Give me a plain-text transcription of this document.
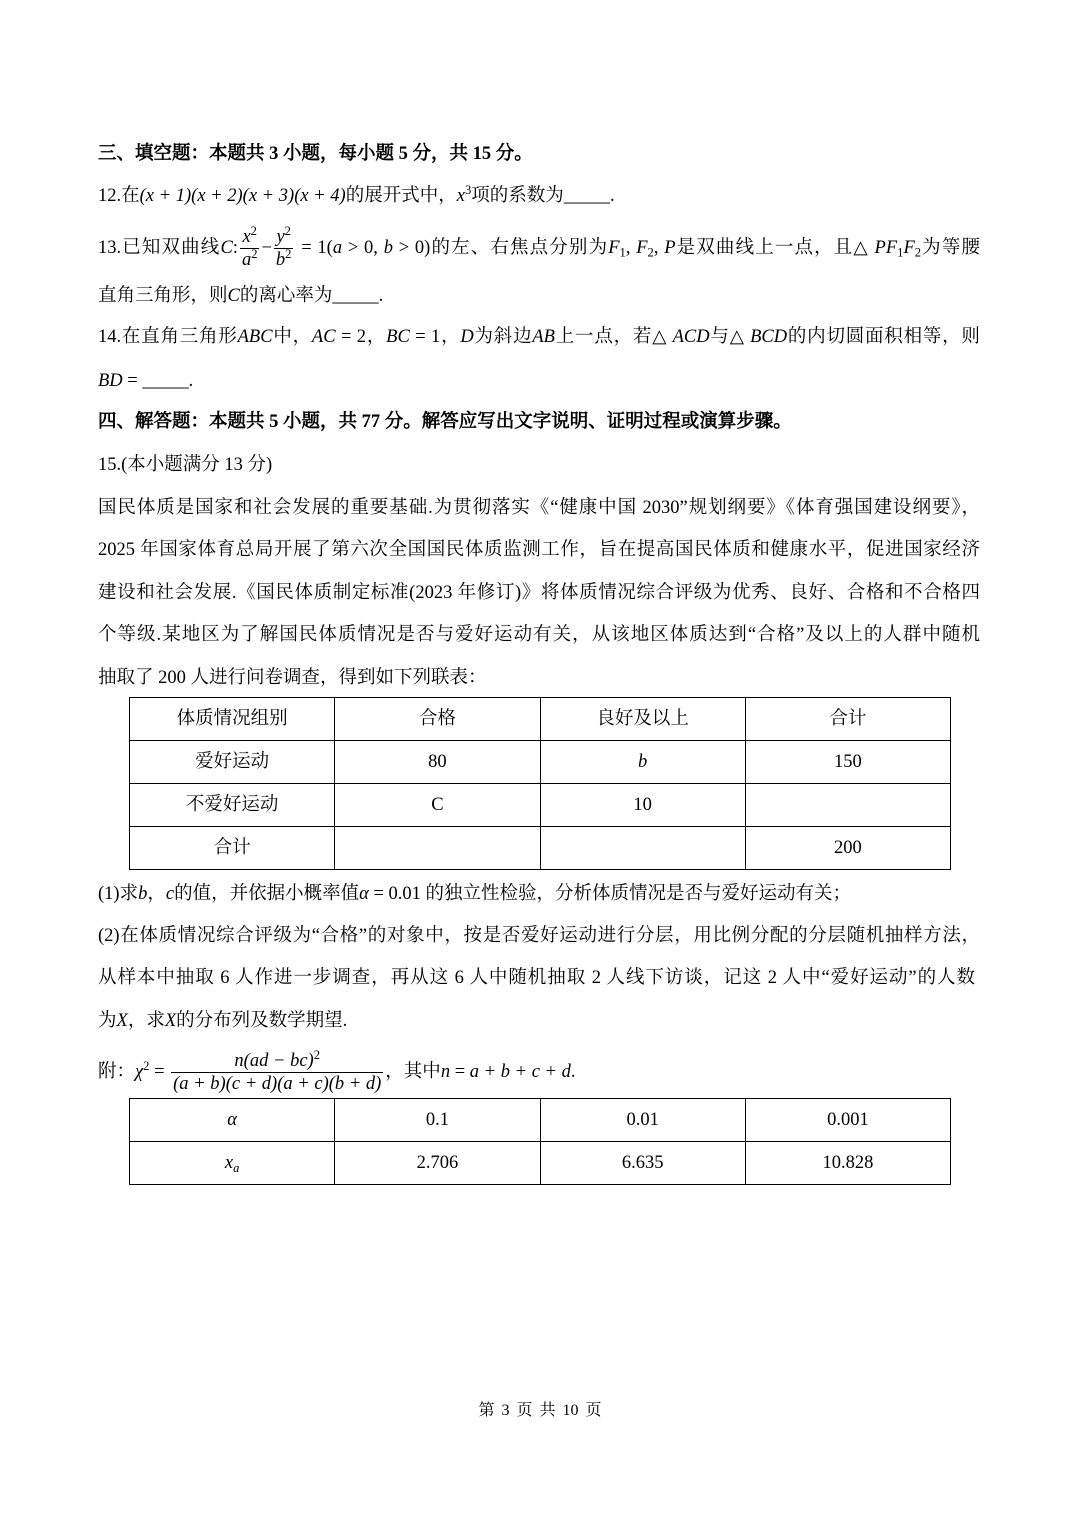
三、填空题：本题共 3 小题，每小题 5 分，共 15 分。
12.在(x + 1)(x + 2)(x + 3)(x + 4)的展开式中，$x^3$项的系数为_____.
13.已知双曲线C: $\frac{x^2}{a^2} - \frac{y^2}{b^2} = 1(a > 0$, b > 0)的左、右焦点分别为$F_1$, $F_2$, P是双曲线上一点，且△ $PF_1F_2$为等腰
直角三角形，则C的离心率为_____.
14.在直角三角形ABC中，AC = 2，BC = 1，D为斜边AB上一点，若△ ACD与△ BCD的内切圆面积相等，则
BD = _____.
四、解答题：本题共 5 小题，共 77 分。解答应写出文字说明、证明过程或演算步骤。
15.(本小题满分 13 分)
国民体质是国家和社会发展的重要基础.为贯彻落实《“健康中国 2030”规划纲要》《体育强国建设纲要》，
2025 年国家体育总局开展了第六次全国国民体质监测工作，旨在提高国民体质和健康水平，促进国家经济
建设和社会发展.《国民体质制定标准(2023 年修订)》将体质情况综合评级为优秀、良好、合格和不合格四
个等级.某地区为了解国民体质情况是否与爱好运动有关，从该地区体质达到“合格”及以上的人群中随机
抽取了 200 人进行问卷调查，得到如下列联表：
体质情况组别	合格	良好及以上	合计
爱好运动	80	b	150
不爱好运动	C	10	
合计			200
(1)求b，c的值，并依据小概率值α = 0.01 的独立性检验，分析体质情况是否与爱好运动有关；
(2)在体质情况综合评级为“合格”的对象中，按是否爱好运动进行分层，用比例分配的分层随机抽样方法，
从样本中抽取 6 人作进一步调查，再从这 6 人中随机抽取 2 人线下访谈，记这 2 人中“爱好运动”的人数
为X，求X的分布列及数学期望.
附：$\chi^2 = \frac{n(ad - bc)^2}{(a + b)(c + d)(a + c)(b + d)}$ ，其中n = a + b + c + d.
α	0.1	0.01	0.001
$x_a$	2.706	6.635	10.828
第 3 页 共 10 页
